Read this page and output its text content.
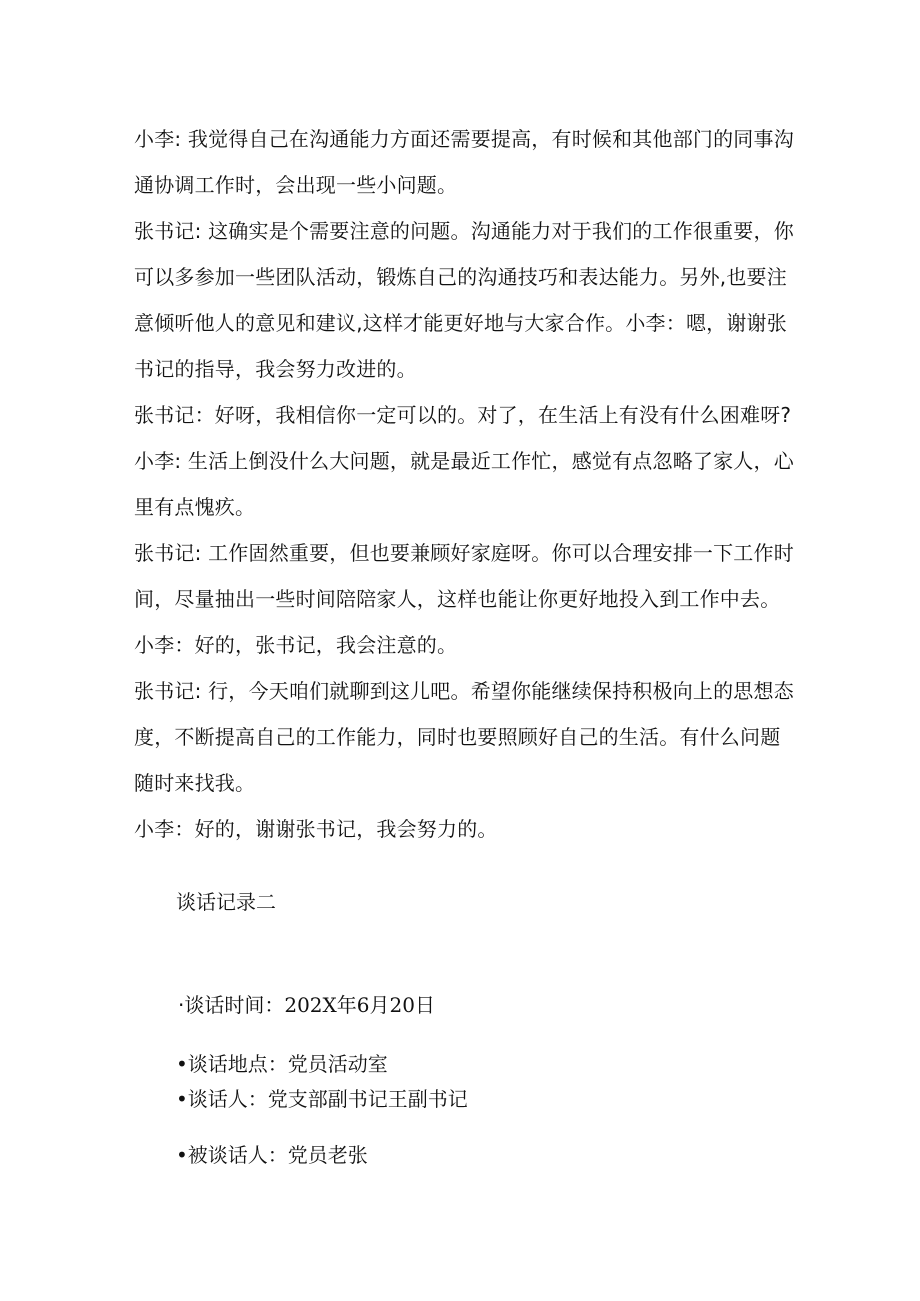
小李: 我觉得自己在沟通能力方面还需要提高，有时候和其他部门的同事沟通协调工作时，会出现一些小问题。

张书记: 这确实是个需要注意的问题。沟通能力对于我们的工作很重要，你可以多参加一些团队活动，锻炼自己的沟通技巧和表达能力。另外,也要注意倾听他人的意见和建议,这样才能更好地与大家合作。小李：嗯，谢谢张书记的指导，我会努力改进的。

张书记：好呀，我相信你一定可以的。对了，在生活上有没有什么困难呀?

小李: 生活上倒没什么大问题，就是最近工作忙，感觉有点忽略了家人，心里有点愧疚。

张书记: 工作固然重要，但也要兼顾好家庭呀。你可以合理安排一下工作时间，尽量抽出一些时间陪陪家人，这样也能让你更好地投入到工作中去。

小李：好的，张书记，我会注意的。

张书记: 行，今天咱们就聊到这儿吧。希望你能继续保持积极向上的思想态度，不断提高自己的工作能力，同时也要照顾好自己的生活。有什么问题随时来找我。

小李：好的，谢谢张书记，我会努力的。

谈话记录二
·谈话时间：202X年6月20日
•谈话地点：党员活动室
•谈话人：党支部副书记王副书记
•被谈话人：党员老张
